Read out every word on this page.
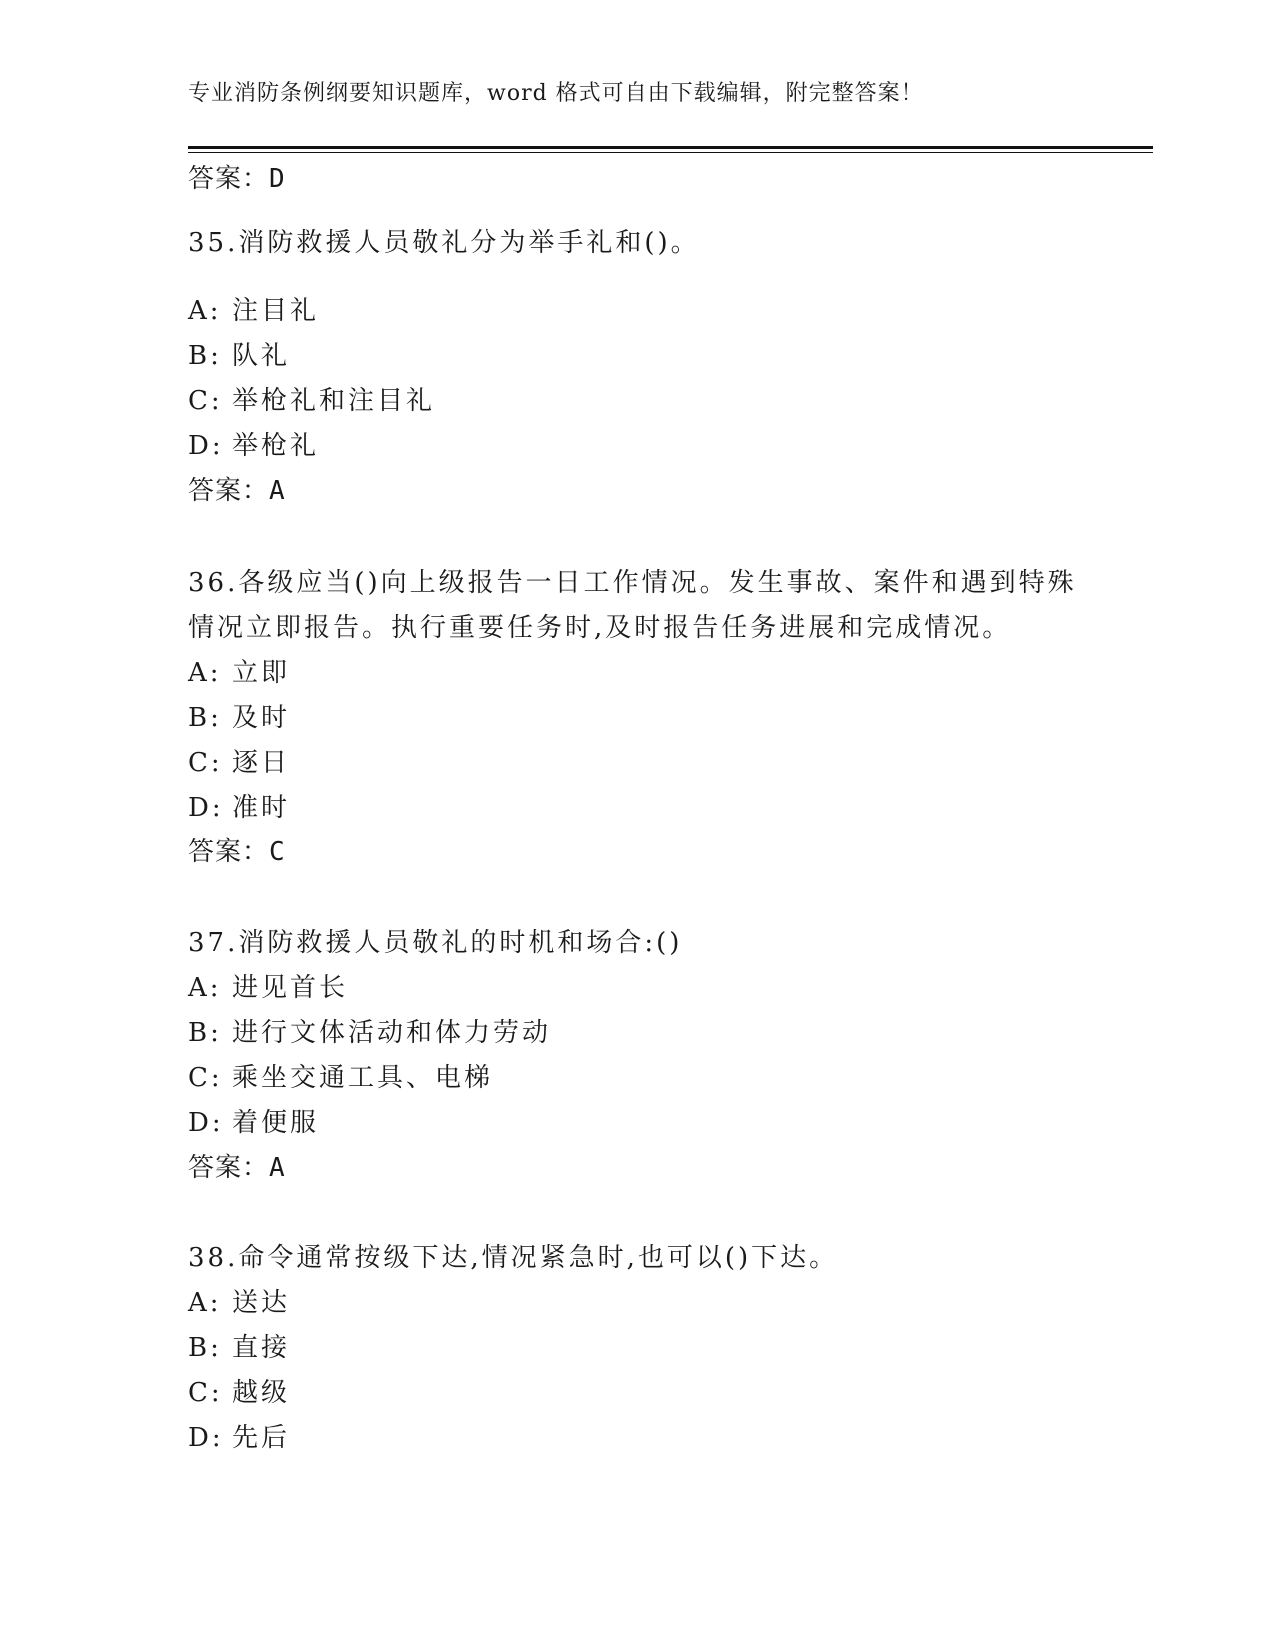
专业消防条例纲要知识题库，word 格式可自由下载编辑，附完整答案！
答案：D
35.消防救援人员敬礼分为举手礼和()。
A: 注目礼
B: 队礼
C: 举枪礼和注目礼
D: 举枪礼
答案：A
36.各级应当()向上级报告一日工作情况。发生事故、案件和遇到特殊
情况立即报告。执行重要任务时,及时报告任务进展和完成情况。
A: 立即
B: 及时
C: 逐日
D: 准时
答案：C
37.消防救援人员敬礼的时机和场合:()
A: 进见首长
B: 进行文体活动和体力劳动
C: 乘坐交通工具、电梯
D: 着便服
答案：A
38.命令通常按级下达,情况紧急时,也可以()下达。
A: 送达
B: 直接
C: 越级
D: 先后
